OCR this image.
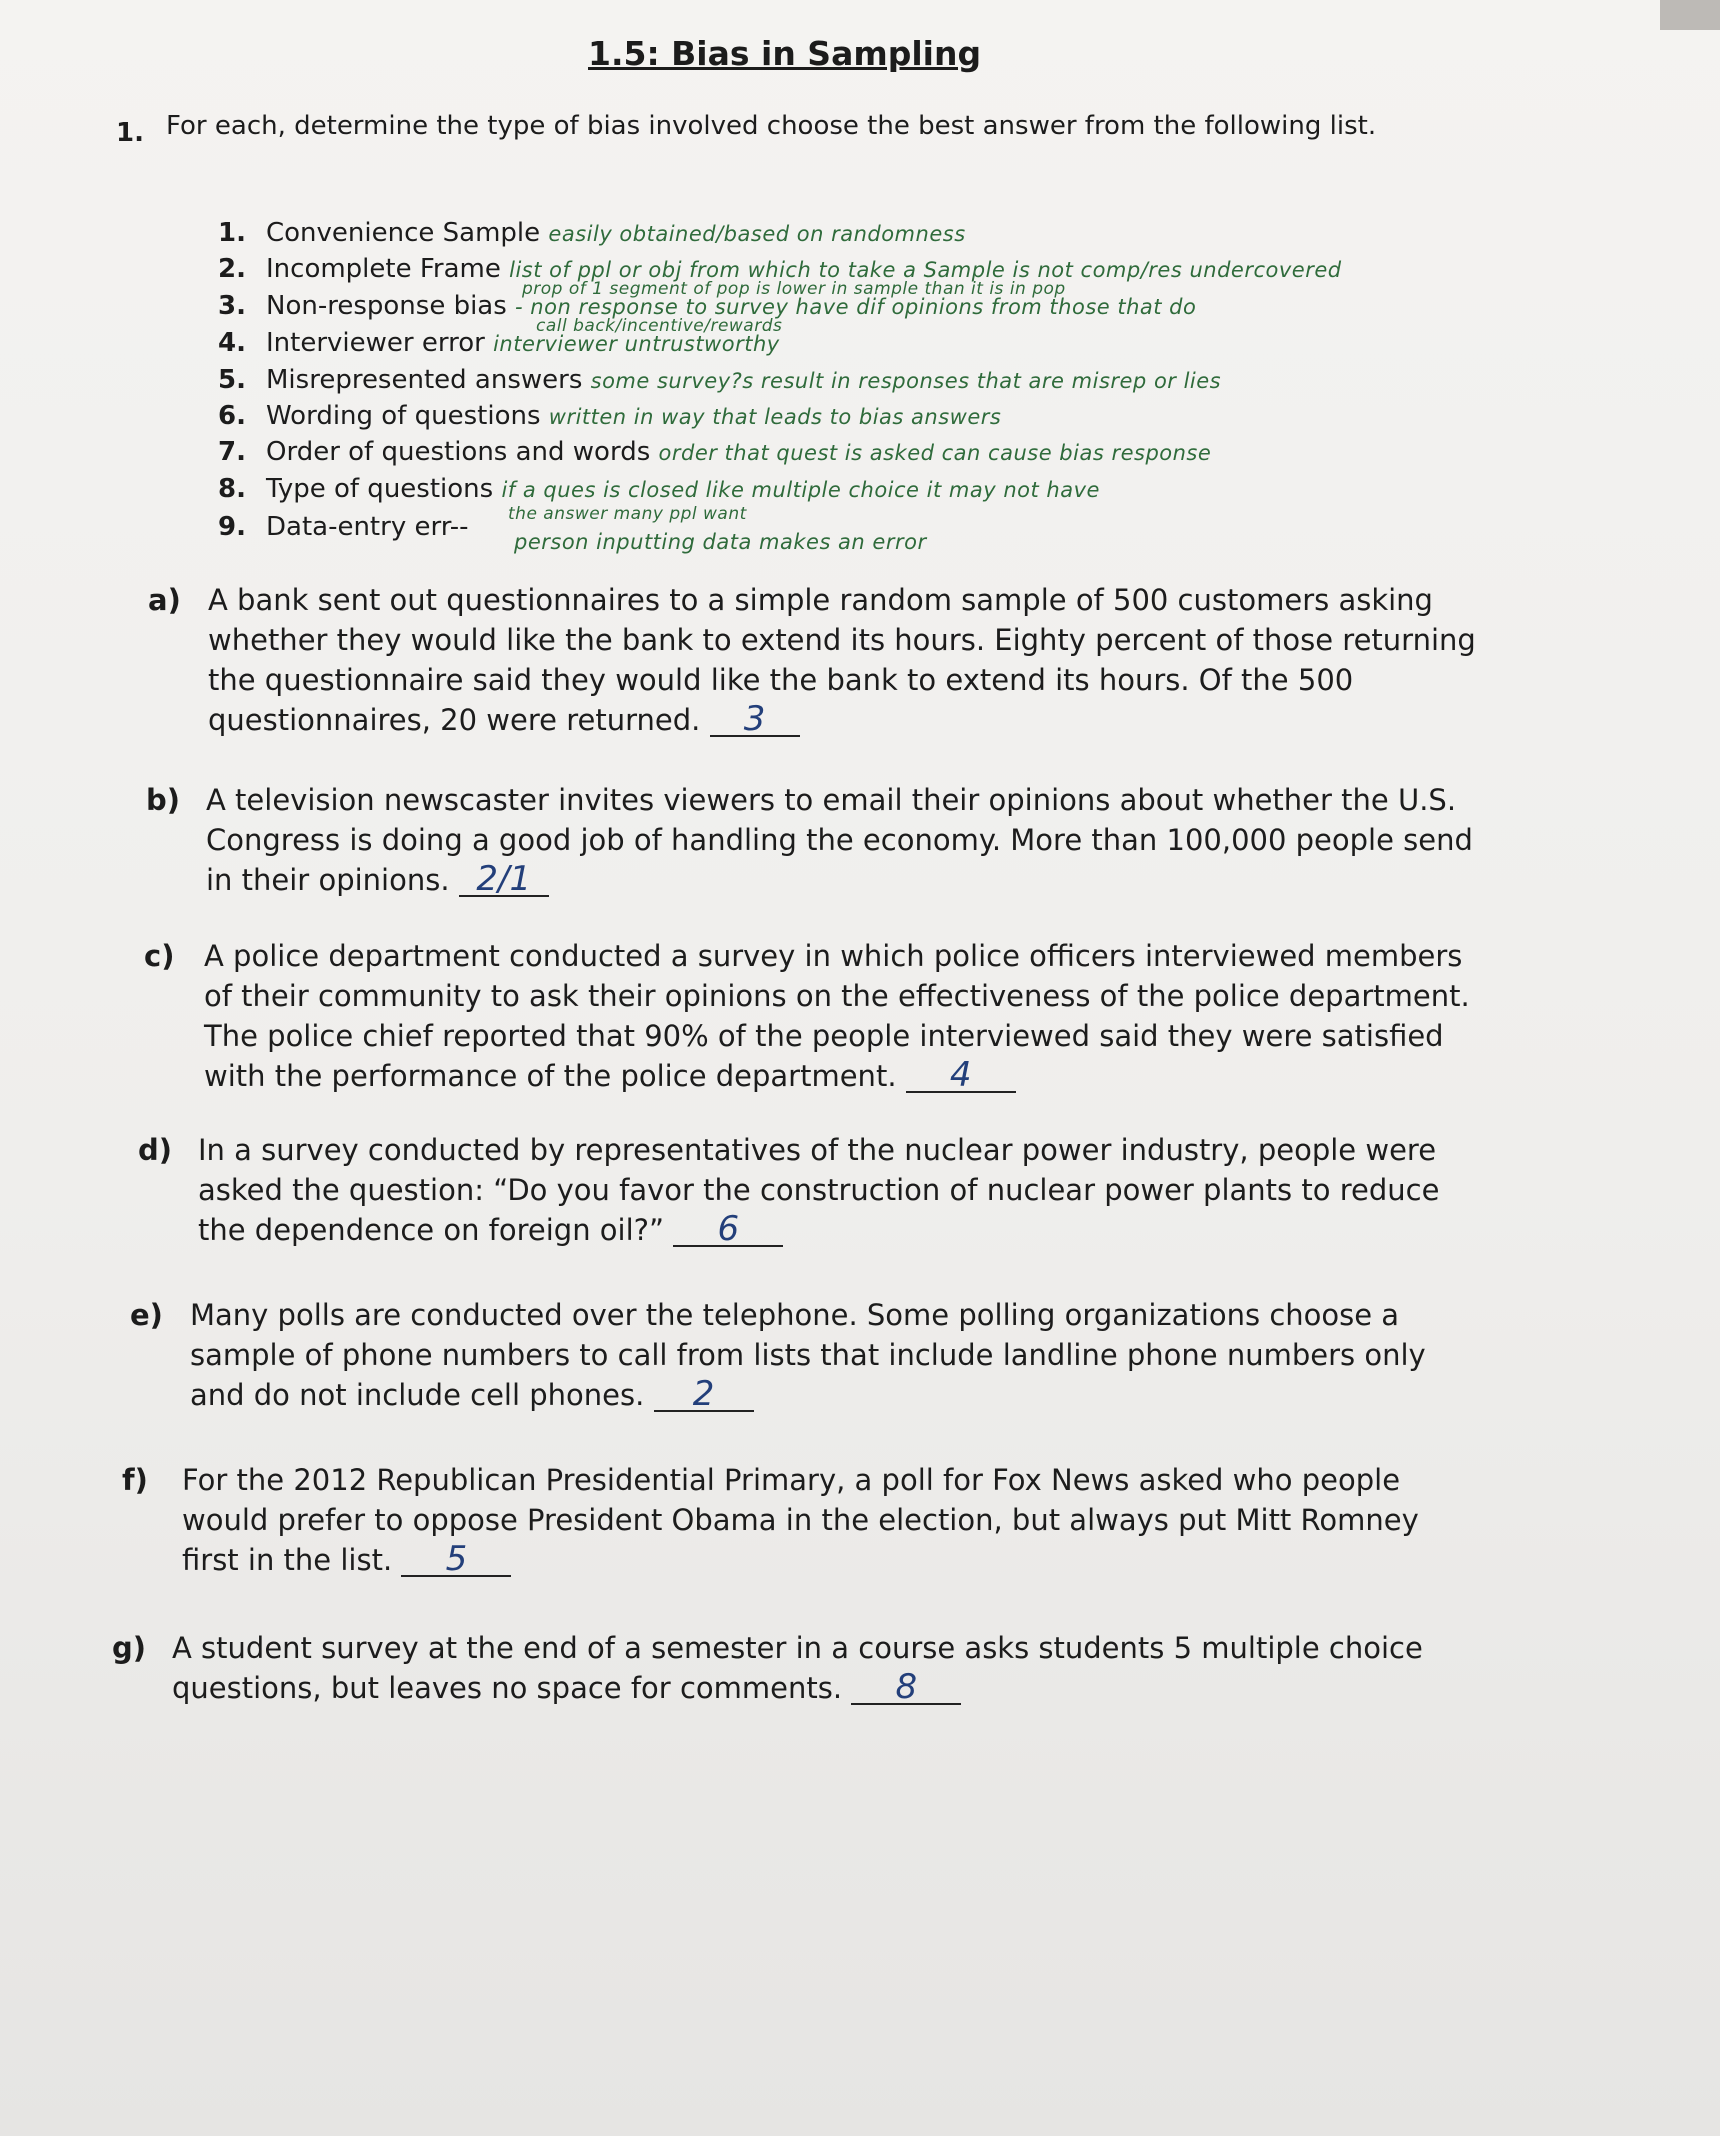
1.5: Bias in Sampling
1. For each, determine the type of bias involved choose the best answer from the following list.
1. Convenience Sample easily obtained/based on randomness
2. Incomplete Frame list of ppl or obj from which to take a Sample is not comp/res undercovered
prop of 1 segment of pop is lower in sample than it is in pop
3. Non-response bias - non response to survey have dif opinions from those that do
call back/incentive/rewards
4. Interviewer error interviewer untrustworthy
5. Misrepresented answers some survey?s result in responses that are misrep or lies
6. Wording of questions written in way that leads to bias answers
7. Order of questions and words order that quest is asked can cause bias response
8. Type of questions if a ques is closed like multiple choice it may not have
the answer many ppl want
9. Data-entry err-- person inputting data makes an error
a) A bank sent out questionnaires to a simple random sample of 500 customers asking
whether they would like the bank to extend its hours. Eighty percent of those returning
the questionnaire said they would like the bank to extend its hours. Of the 500
questionnaires, 20 were returned. 3
b) A television newscaster invites viewers to email their opinions about whether the U.S.
Congress is doing a good job of handling the economy. More than 100,000 people send
in their opinions. 2/1
c) A police department conducted a survey in which police officers interviewed members
of their community to ask their opinions on the effectiveness of the police department.
The police chief reported that 90% of the people interviewed said they were satisfied
with the performance of the police department. 4
d) In a survey conducted by representatives of the nuclear power industry, people were
asked the question: “Do you favor the construction of nuclear power plants to reduce
the dependence on foreign oil?” 6
e) Many polls are conducted over the telephone. Some polling organizations choose a
sample of phone numbers to call from lists that include landline phone numbers only
and do not include cell phones. 2
f) For the 2012 Republican Presidential Primary, a poll for Fox News asked who people
would prefer to oppose President Obama in the election, but always put Mitt Romney
first in the list. 5
g) A student survey at the end of a semester in a course asks students 5 multiple choice
questions, but leaves no space for comments. 8
